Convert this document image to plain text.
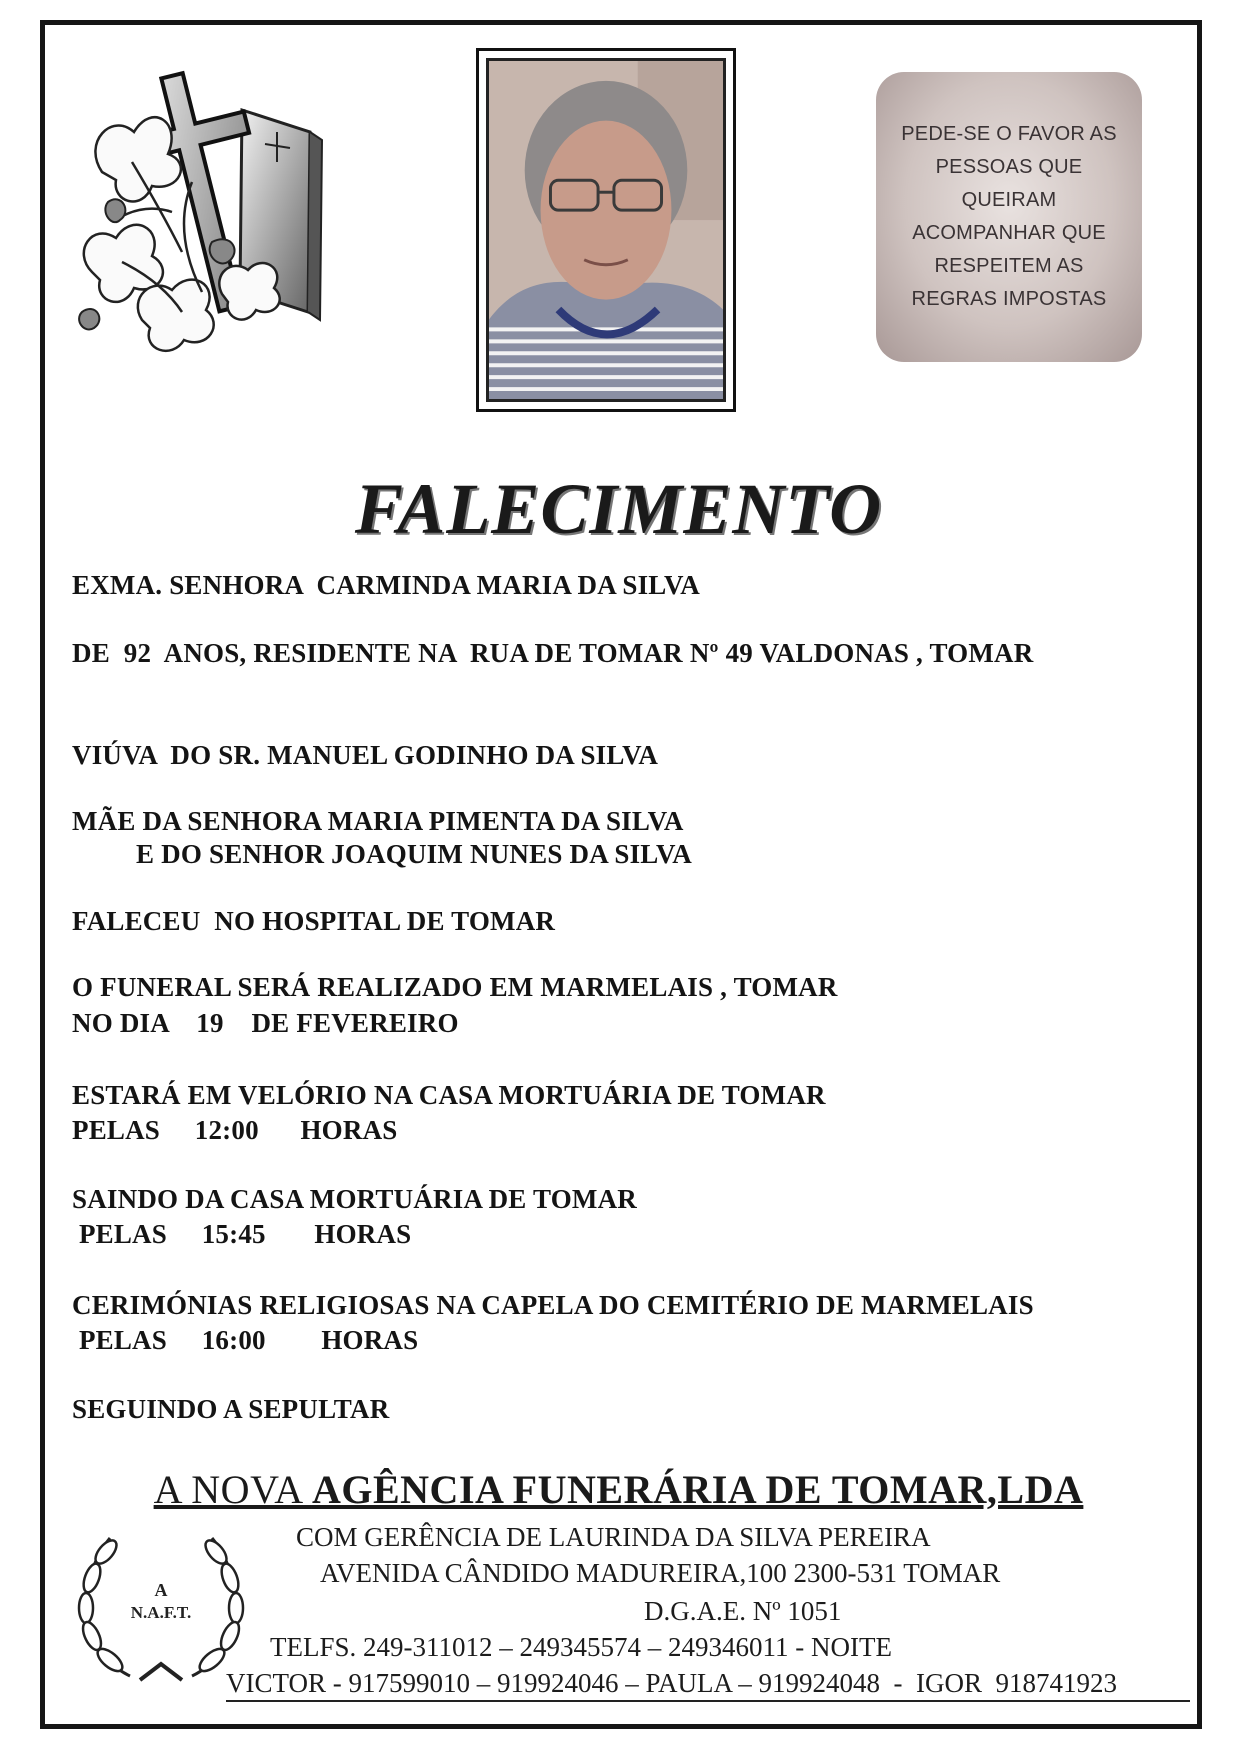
PEDE-SE O FAVOR AS
PESSOAS QUE
QUEIRAM
ACOMPANHAR QUE
RESPEITEM AS
REGRAS IMPOSTAS

FALECIMENTO
EXMA. SENHORA  CARMINDA MARIA DA SILVA
DE  92  ANOS, RESIDENTE NA  RUA DE TOMAR Nº 49 VALDONAS , TOMAR
VIÚVA  DO SR. MANUEL GODINHO DA SILVA
MÃE DA SENHORA MARIA PIMENTA DA SILVA
E DO SENHOR JOAQUIM NUNES DA SILVA
FALECEU  NO HOSPITAL DE TOMAR
O FUNERAL SERÁ REALIZADO EM MARMELAIS , TOMAR
NO DIA    19    DE FEVEREIRO
ESTARÁ EM VELÓRIO NA CASA MORTUÁRIA DE TOMAR
PELAS     12:00      HORAS
SAINDO DA CASA MORTUÁRIA DE TOMAR
PELAS     15:45       HORAS
CERIMÓNIAS RELIGIOSAS NA CAPELA DO CEMITÉRIO DE MARMELAIS
PELAS     16:00        HORAS
SEGUINDO A SEPULTAR
A NOVA AGÊNCIA FUNERÁRIA DE TOMAR,LDA
A
N.A.F.T.
COM GERÊNCIA DE LAURINDA DA SILVA PEREIRA
AVENIDA CÂNDIDO MADUREIRA,100 2300-531 TOMAR
D.G.A.E. Nº 1051
TELFS. 249-311012 – 249345574 – 249346011 - NOITE
VICTOR - 917599010 – 919924046 – PAULA – 919924048  -  IGOR  918741923
